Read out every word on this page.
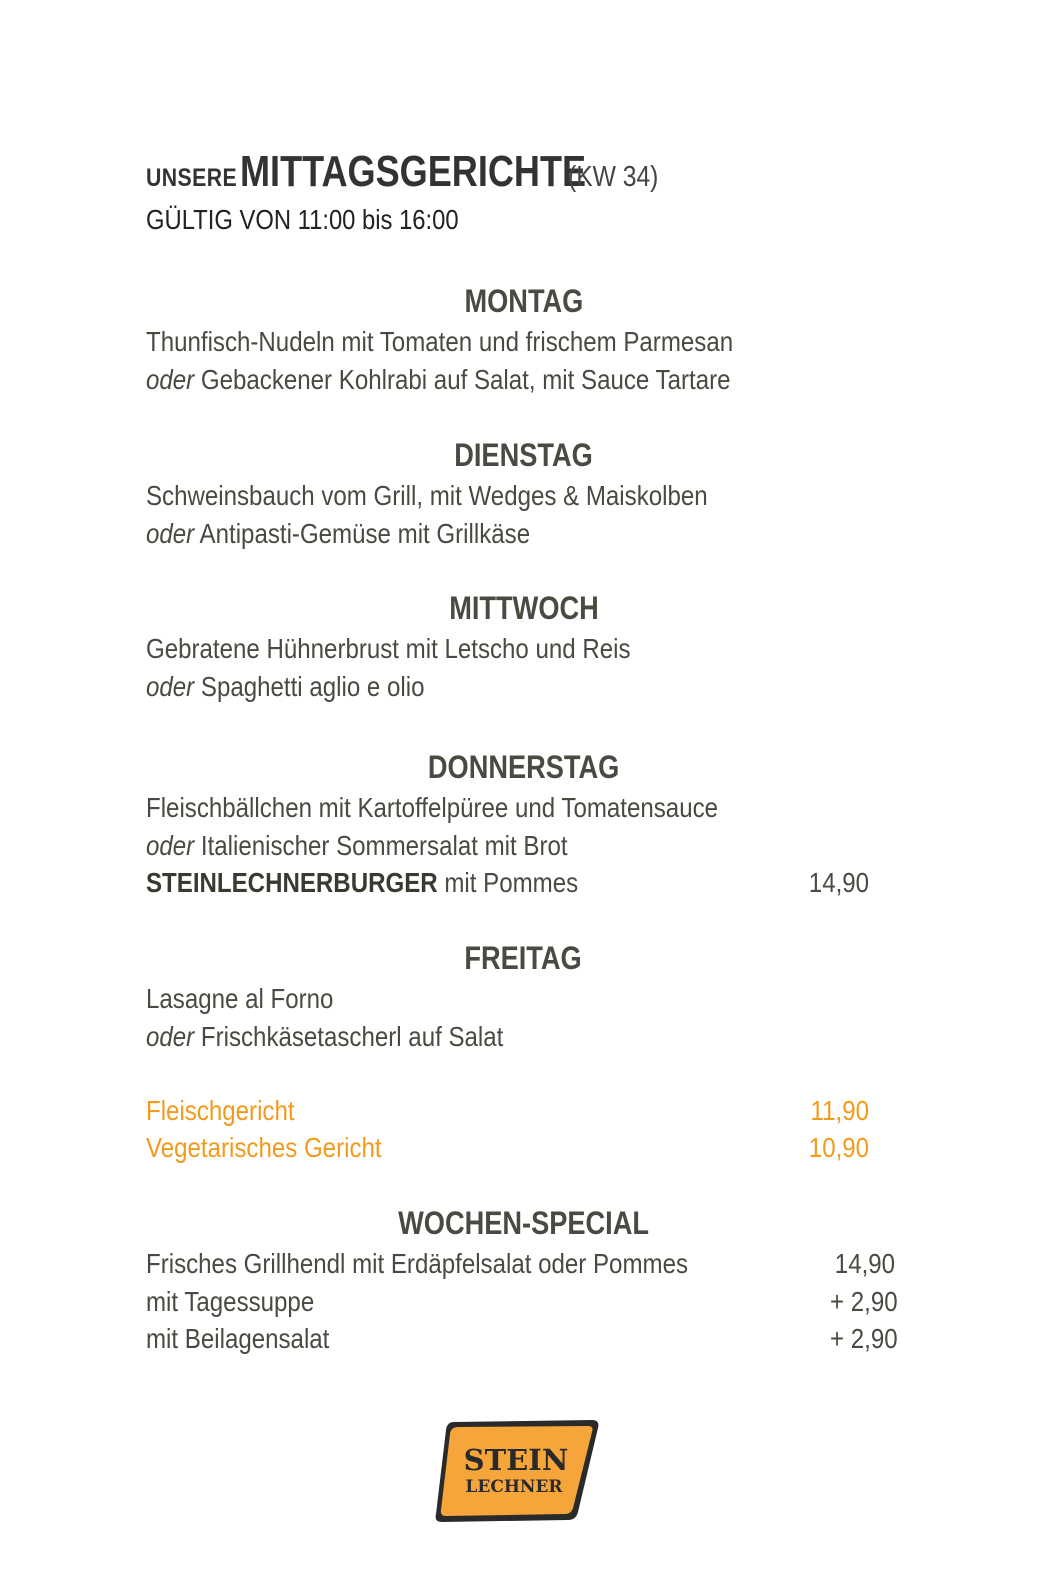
UNSERE MITTAGSGERICHTE (KW 34)
GÜLTIG VON 11:00 bis 16:00
MONTAG
Thunfisch-Nudeln mit Tomaten und frischem Parmesan
oder Gebackener Kohlrabi auf Salat, mit Sauce Tartare
DIENSTAG
Schweinsbauch vom Grill, mit Wedges & Maiskolben
oder Antipasti-Gemüse mit Grillkäse
MITTWOCH
Gebratene Hühnerbrust mit Letscho und Reis
oder Spaghetti aglio e olio
DONNERSTAG
Fleischbällchen mit Kartoffelpüree und Tomatensauce
oder Italienischer Sommersalat mit Brot
STEINLECHNERBURGER mit Pommes	14,90
FREITAG
Lasagne al Forno
oder Frischkäsetascherl auf Salat
Fleischgericht	11,90
Vegetarisches Gericht	10,90
WOCHEN-SPECIAL
Frisches Grillhendl mit Erdäpfelsalat oder Pommes	14,90
mit Tagessuppe	+ 2,90
mit Beilagensalat	+ 2,90
STEIN
LECHNER
